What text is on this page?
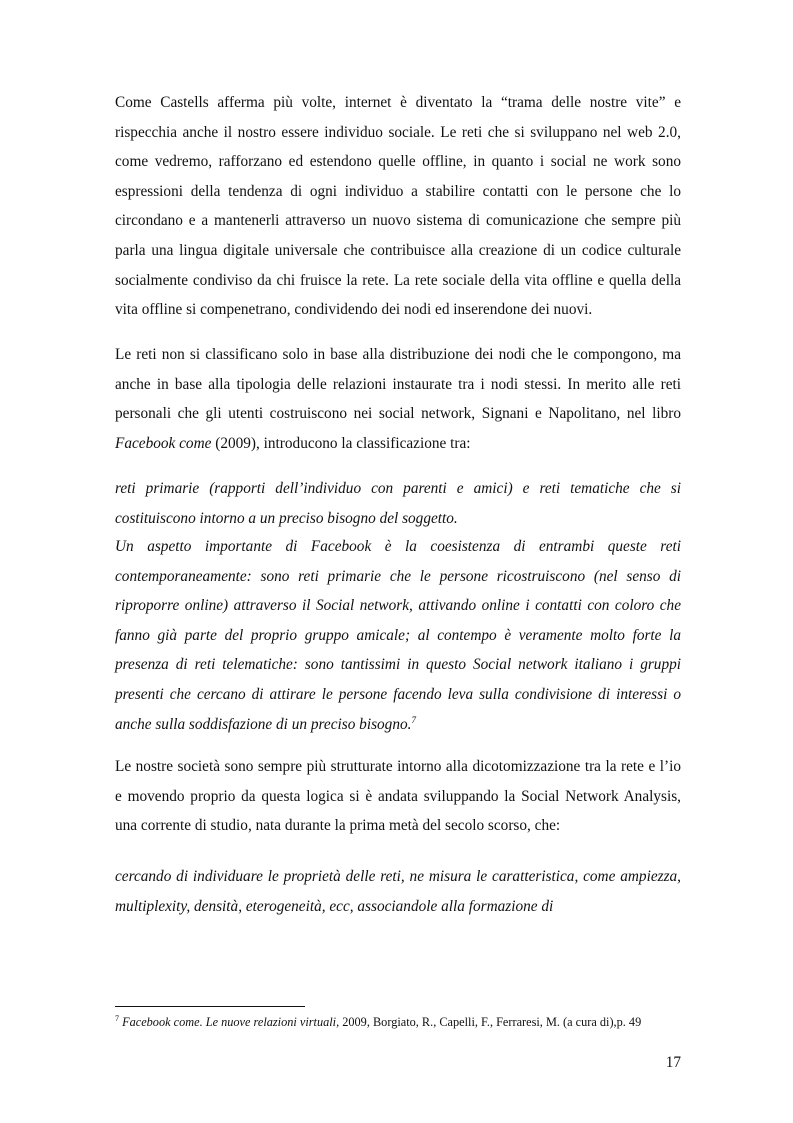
Come Castells afferma più volte, internet è diventato la “trama delle nostre vite” e rispecchia anche il nostro essere individuo sociale. Le reti che si sviluppano nel web 2.0, come vedremo, rafforzano ed estendono quelle offline, in quanto i social ne work sono espressioni della tendenza di ogni individuo a stabilire contatti con le persone che lo circondano e a mantenerli attraverso un nuovo sistema di comunicazione che sempre più parla una lingua digitale universale che contribuisce alla creazione di un codice culturale socialmente condiviso da chi fruisce la rete. La rete sociale della vita offline e quella della vita offline si compenetrano, condividendo dei nodi ed inserendone dei nuovi.

Le reti non si classificano solo in base alla distribuzione dei nodi che le compongono, ma anche in base alla tipologia delle relazioni instaurate tra i nodi stessi. In merito alle reti personali che gli utenti costruiscono nei social network, Signani e Napolitano, nel libro Facebook come (2009), introducono la classificazione tra:

reti primarie (rapporti dell’individuo con parenti e amici) e reti tematiche che si costituiscono intorno a un preciso bisogno del soggetto.

Un aspetto importante di Facebook è la coesistenza di entrambi queste reti contemporaneamente: sono reti primarie che le persone ricostruiscono (nel senso di riproporre online) attraverso il Social network, attivando online i contatti con coloro che fanno già parte del proprio gruppo amicale; al contempo è veramente molto forte la presenza di reti telematiche: sono tantissimi in questo Social network italiano i gruppi presenti che cercano di attirare le persone facendo leva sulla condivisione di interessi o anche sulla soddisfazione di un preciso bisogno.$^7$

Le nostre società sono sempre più strutturate intorno alla dicotomizzazione tra la rete e l’io e movendo proprio da questa logica si è andata sviluppando la Social Network Analysis, una corrente di studio, nata durante la prima metà del secolo scorso, che:

cercando di individuare le proprietà delle reti, ne misura le caratteristica, come ampiezza, multiplexity, densità, eterogeneità, ecc, associandole alla formazione di

$^7$ Facebook come. Le nuove relazioni virtuali, 2009, Borgiato, R., Capelli, F., Ferraresi, M. (a cura di),p. 49

17
